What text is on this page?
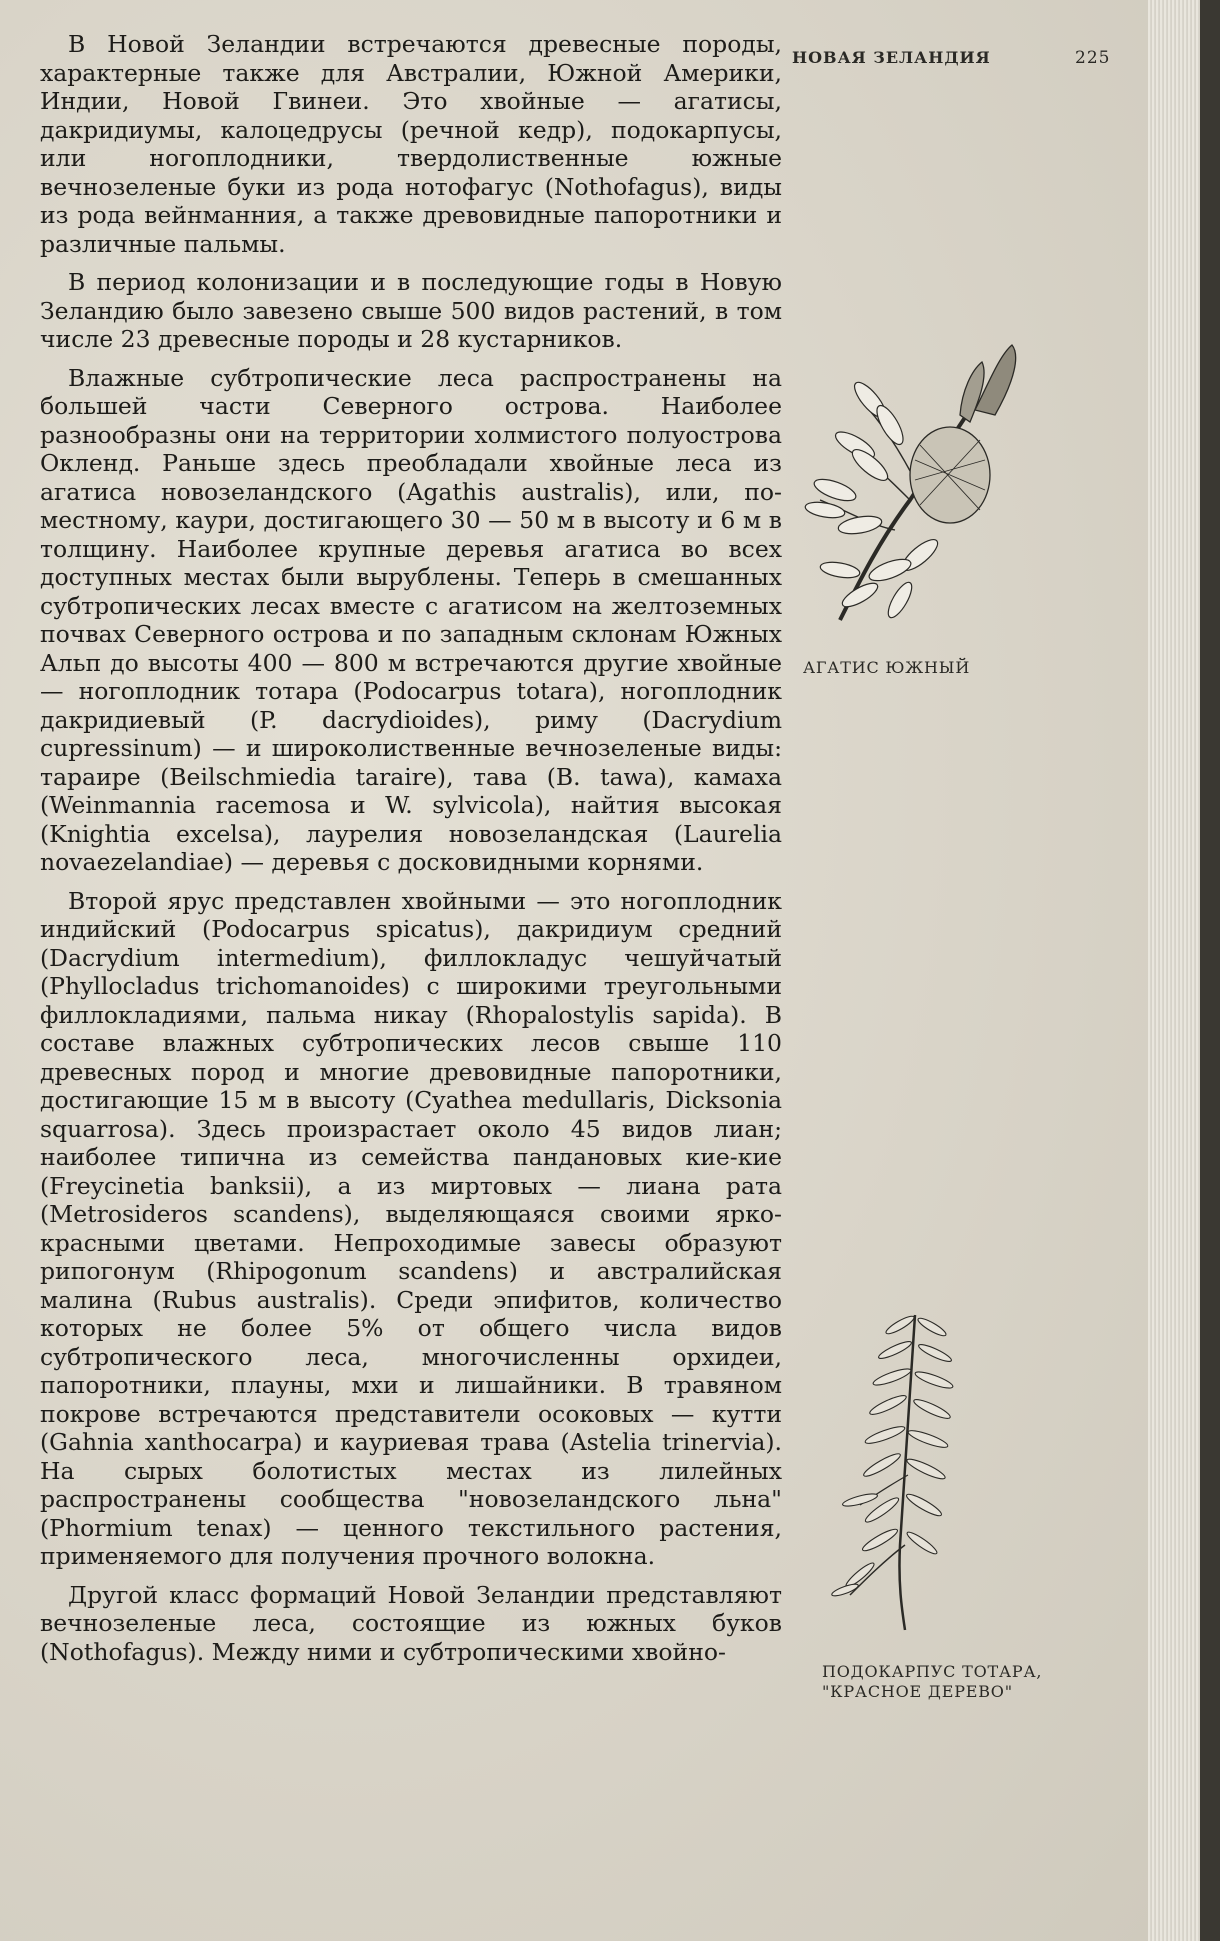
НОВАЯ ЗЕЛАНДИЯ	225

В Новой Зеландии встречаются древесные породы, характерные также для Австралии, Южной Америки, Индии, Новой Гвинеи. Это хвойные — агатисы, дакридиумы, калоцедрусы (речной кедр), подокарпусы, или ногоплодники, твердолиственные южные вечнозеленые буки из рода нотофагус (Nothofagus), виды из рода вейнманния, а также древовидные папоротники и различные пальмы.

В период колонизации и в последующие годы в Новую Зеландию было завезено свыше 500 видов растений, в том числе 23 древесные породы и 28 кустарников.

Влажные субтропические леса распространены на большей части Северного острова. Наиболее разнообразны они на территории холмистого полуострова Окленд. Раньше здесь преобладали хвойные леса из агатиса новозеландского (Agathis australis), или, по-местному, каури, достигающего 30 — 50 м в высоту и 6 м в толщину. Наиболее крупные деревья агатиса во всех доступных местах были вырублены. Теперь в смешанных субтропических лесах вместе с агатисом на желтоземных почвах Северного острова и по западным склонам Южных Альп до высоты 400 — 800 м встречаются другие хвойные — ногоплодник тотара (Podocarpus totara), ногоплодник дакридиевый (P. dacrydioides), риму (Dacrydium cupressinum) — и широколиственные вечнозеленые виды: тараире (Beilschmiedia taraire), тава (B. tawa), камаха (Weinmannia racemosa и W. sylvicola), найтия высокая (Knightia excelsa), лаурелия новозеландская (Laurelia novaezelandiae) — деревья с досковидными корнями.

Второй ярус представлен хвойными — это ногоплодник индийский (Podocarpus spicatus), дакридиум средний (Dacrydium intermedium), филлокладус чешуйчатый (Phyllocladus trichomanoides) с широкими треугольными филлокладиями, пальма никау (Rhopalostylis sapida). В составе влажных субтропических лесов свыше 110 древесных пород и многие древовидные папоротники, достигающие 15 м в высоту (Cyathea medullaris, Dicksonia squarrosa). Здесь произрастает около 45 видов лиан; наиболее типична из семейства пандановых кие-кие (Freycinetia banksii), а из миртовых — лиана рата (Metrosideros scandens), выделяющаяся своими ярко-красными цветами. Непроходимые завесы образуют рипогонум (Rhipogonum scandens) и австралийская малина (Rubus australis). Среди эпифитов, количество которых не более 5% от общего числа видов субтропического леса, многочисленны орхидеи, папоротники, плауны, мхи и лишайники. В травяном покрове встречаются представители осоковых — кутти (Gahnia xanthocarpa) и кауриевая трава (Astelia trinervia). На сырых болотистых местах из лилейных распространены сообщества "новозеландского льна" (Phormium tenax) — ценного текстильного растения, применяемого для получения прочного волокна.

Другой класс формаций Новой Зеландии представляют вечнозеленые леса, состоящие из южных буков (Nothofagus). Между ними и субтропическими хвойно-

АГАТИС ЮЖНЫЙ
ПОДОКАРПУС ТОТАРА, "КРАСНОЕ ДЕРЕВО"
